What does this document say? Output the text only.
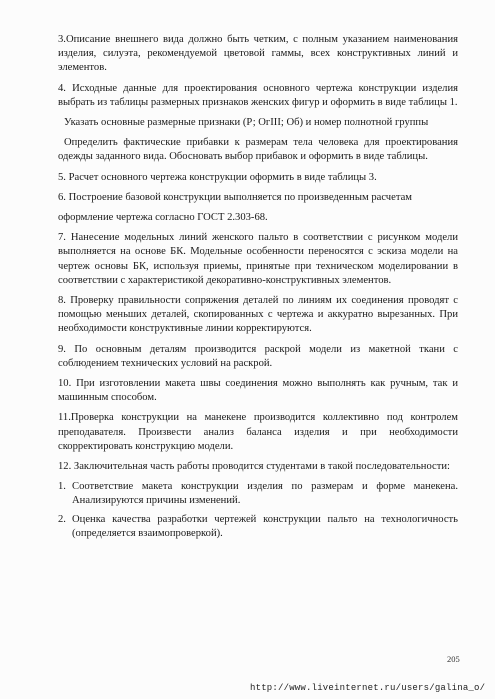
3.Описание внешнего вида должно быть четким, с полным указанием наименования изделия, силуэта, рекомендуемой цветовой гаммы, всех конструктивных линий и элементов.

4. Исходные данные для проектирования основного чертежа конструкции изделия выбрать из таблицы размерных признаков женских фигур и оформить в виде таблицы 1.

Указать основные размерные признаки (Р; ОгIII; Об) и номер полнотной группы

Определить фактические прибавки к размерам тела человека для проектирования одежды заданного вида. Обосновать выбор прибавок и оформить в виде таблицы.

5. Расчет основного чертежа конструкции оформить в виде таблицы 3.

6. Построение базовой конструкции выполняется по произведенным расчетам

оформление чертежа согласно ГОСТ 2.303-68.

7. Нанесение модельных линий женского пальто в соответствии с рисунком модели выполняется на основе БК. Модельные особенности переносятся с эскиза модели на чертеж основы БК, используя приемы, принятые при техническом моделировании в соответствии с характеристикой декоративно-конструктивных элементов.

8. Проверку правильности сопряжения деталей по линиям их соединения проводят с помощью меньших деталей, скопированных с чертежа и аккуратно вырезанных. При необходимости конструктивные линии корректируются.

9. По основным деталям производится раскрой модели из макетной ткани с соблюдением технических условий на раскрой.

10. При изготовлении макета швы соединения можно выполнять как ручным, так и машинным способом.

11.Проверка конструкции на манекене производится коллективно под контролем преподавателя. Произвести анализ баланса изделия и при необходимости скорректировать конструкцию модели.

12. Заключительная часть работы проводится студентами в такой последовательности:

1. Соответствие макета конструкции изделия по размерам и форме манекена. Анализируются причины изменений.
2. Оценка качества разработки чертежей конструкции пальто на технологичность (определяется взаимопроверкой).
205
http://www.liveinternet.ru/users/galina_o/
